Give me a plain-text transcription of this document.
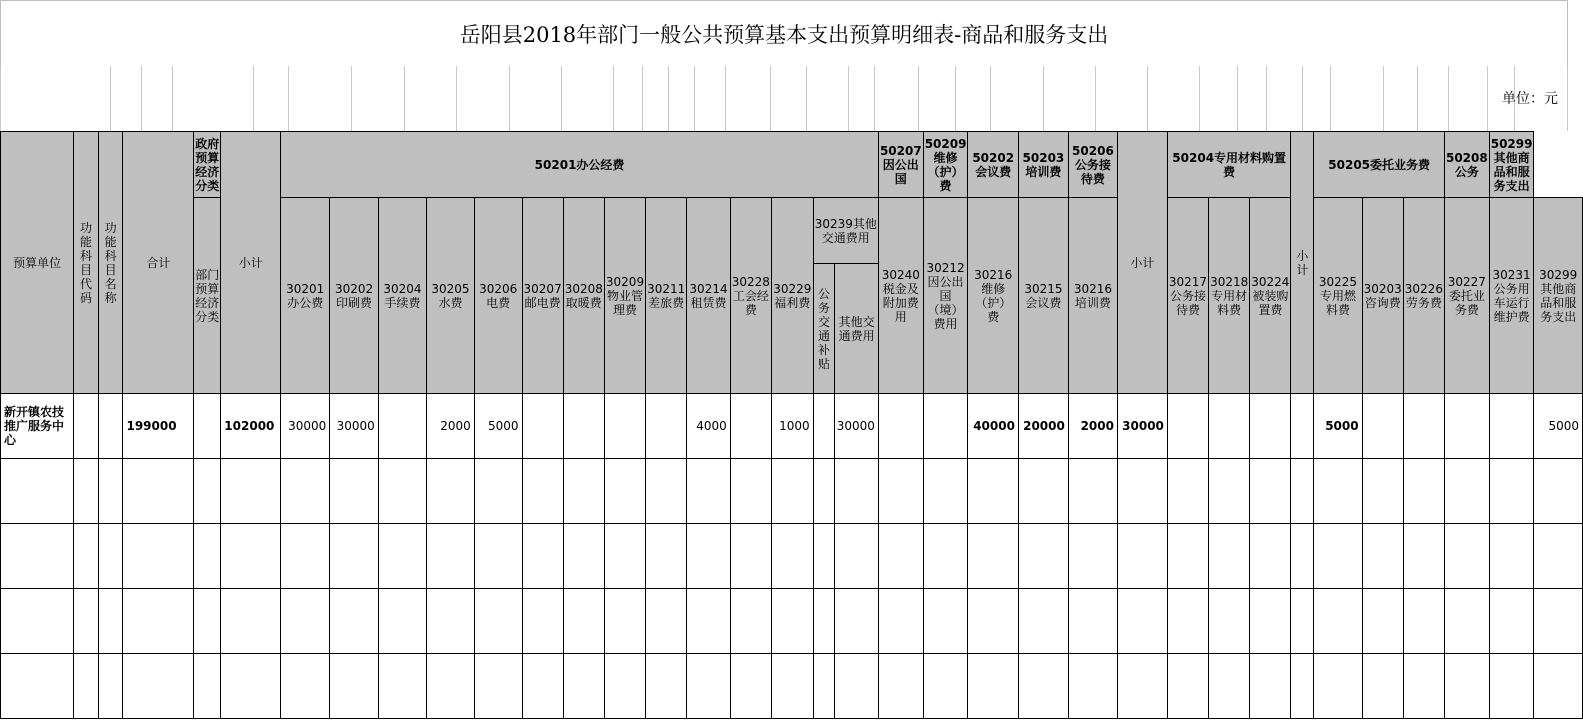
岳阳县2018年部门一般公共预算基本支出预算明细表-商品和服务支出
单位：元
预算单位	功能科目代码	功能科目名称	合计	政府预算经济分类	小计	50201办公经费														50207因公出国	50209维修（护）费	50202会议费	50203培训费	50206公务接待费	小计	50204专用材料购置费			小计	50205委托业务费			50208公务	50299其他商品和服务支出	
				部门预算经济分类		30201办公费	30202印刷费	30204手续费	30205水费	30206电费	30207邮电费	30208取暖费	30209物业管理费	30211差旅费	30214租赁费	30228工会经费	30229福利费	30239其他交通费用		30240税金及附加费用	30212因公出国（境）费用	30216维修（护）费	30215会议费	30216培训费		30217公务接待费	30218专用材料费	30224被装购置费		30225专用燃料费	30203咨询费	30226劳务费	30227委托业务费	30231公务用车运行维护费	30299其他商品和服务支出
																		公务交通补贴	其他交通费用																
新开镇农技推广服务中心			199000		102000	30000	30000		2000	5000					4000		1000		30000			40000	20000	2000	30000					5000					5000
